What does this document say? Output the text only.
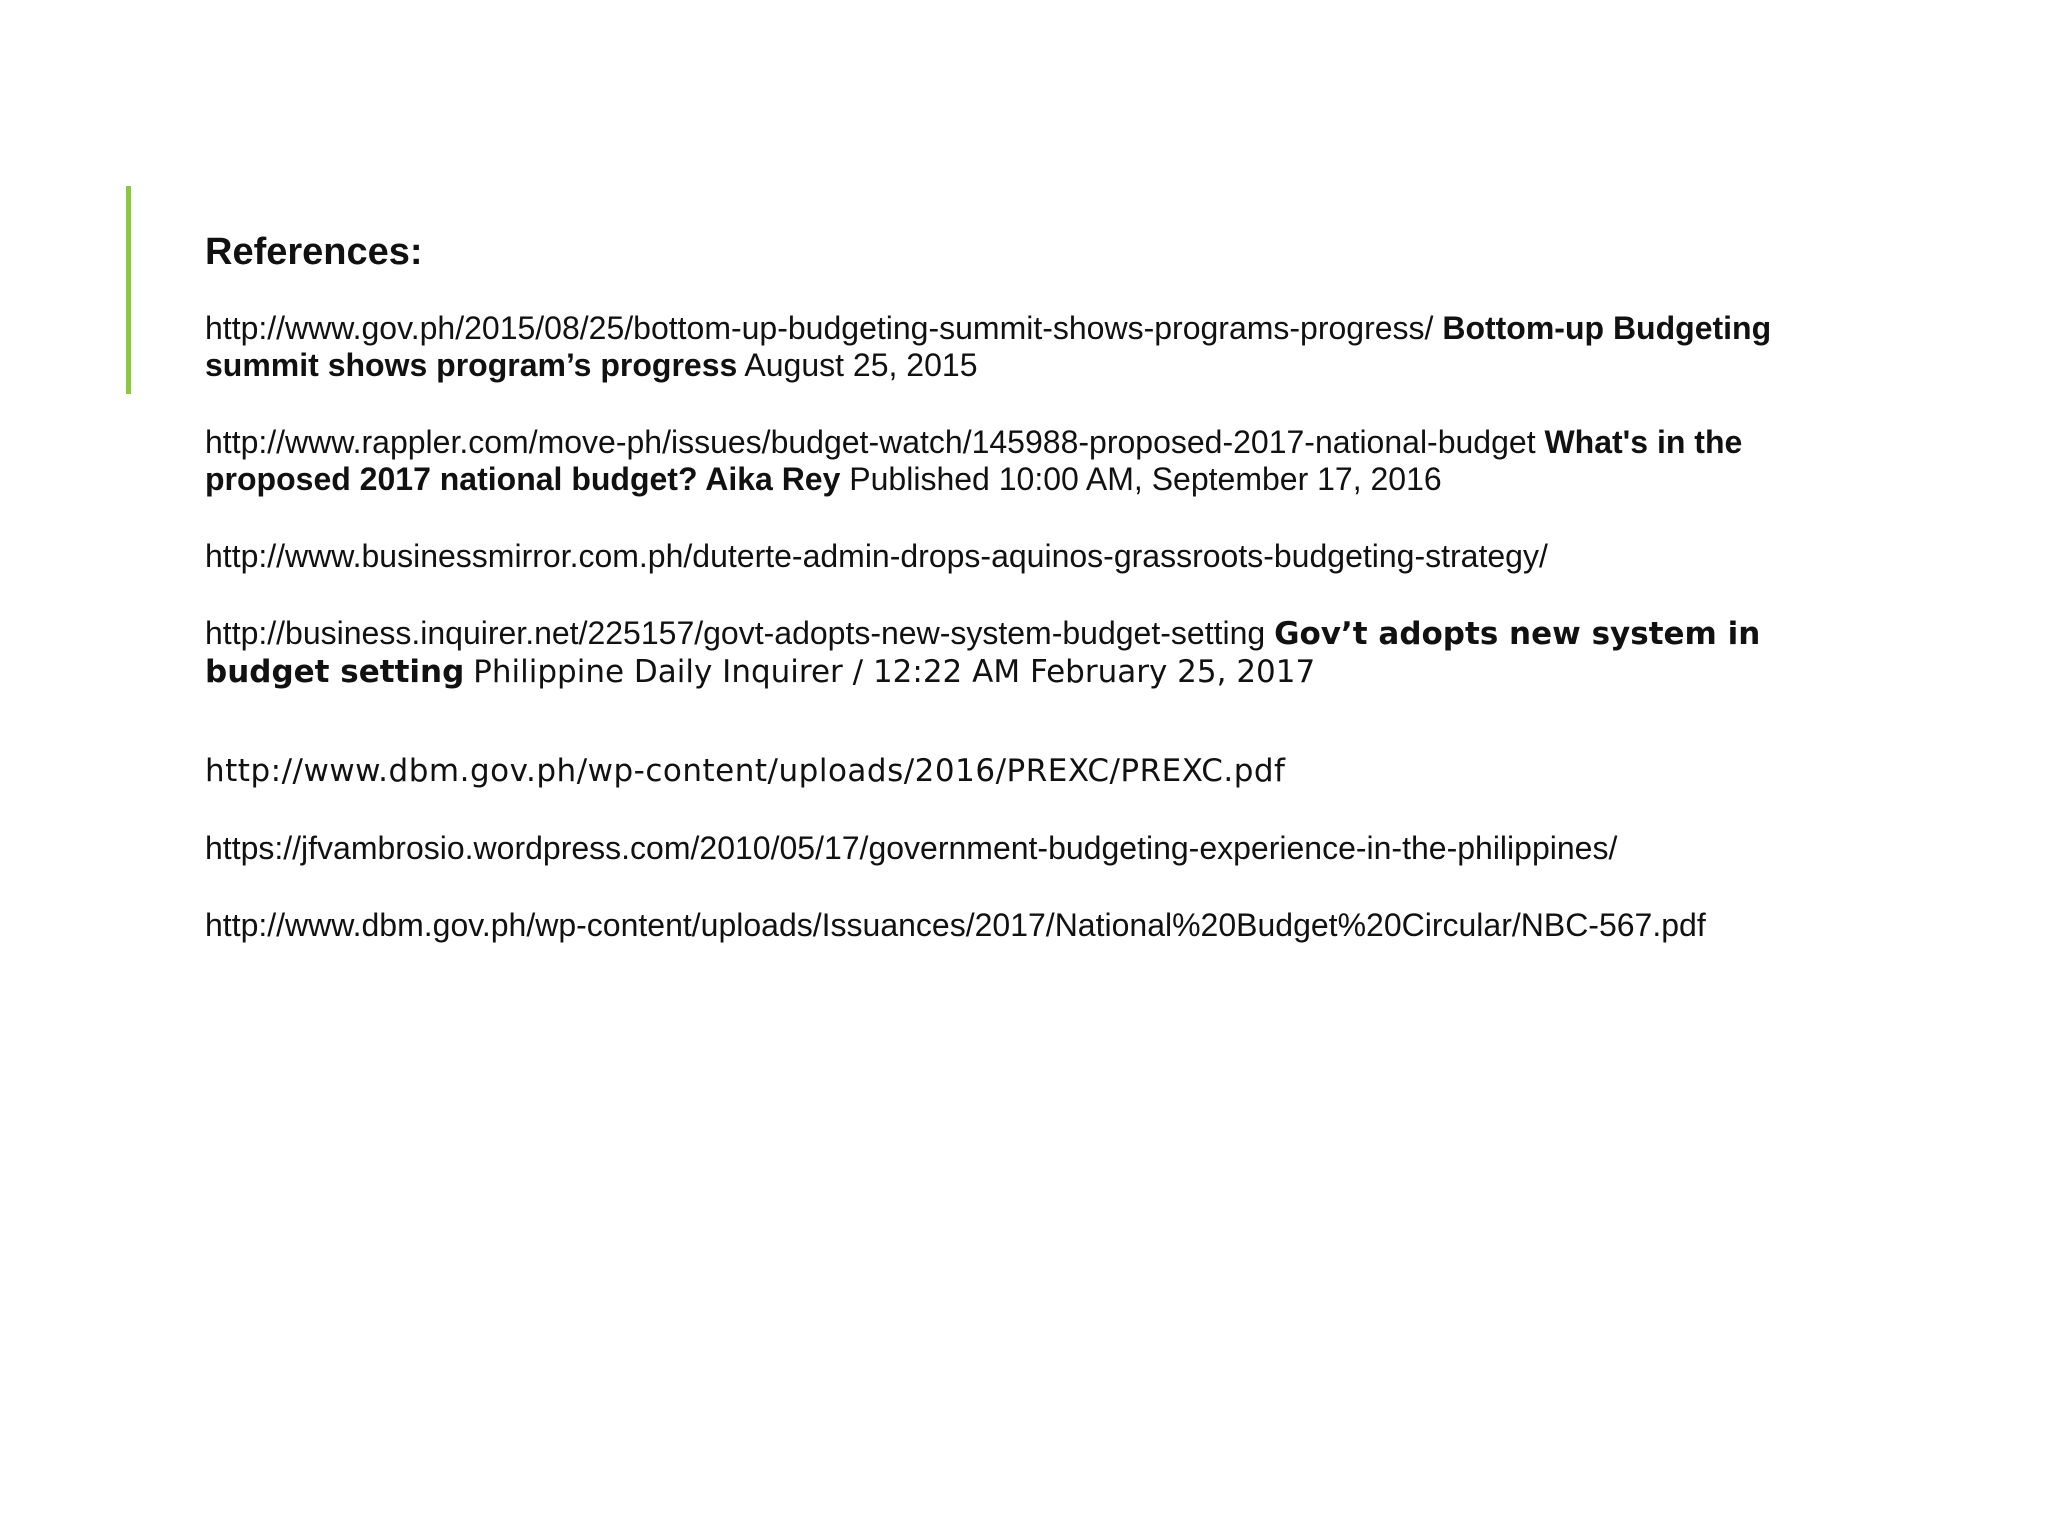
References:

http://www.gov.ph/2015/08/25/bottom-up-budgeting-summit-shows-programs-progress/ Bottom-up Budgeting summit shows program’s progress August 25, 2015

http://www.rappler.com/move-ph/issues/budget-watch/145988-proposed-2017-national-budget What's in the proposed 2017 national budget? Aika Rey Published 10:00 AM, September 17, 2016

http://www.businessmirror.com.ph/duterte-admin-drops-aquinos-grassroots-budgeting-strategy/

http://business.inquirer.net/225157/govt-adopts-new-system-budget-setting Gov’t adopts new system in budget setting Philippine Daily Inquirer / 12:22 AM February 25, 2017

http://www.dbm.gov.ph/wp-content/uploads/2016/PREXC/PREXC.pdf

https://jfvambrosio.wordpress.com/2010/05/17/government-budgeting-experience-in-the-philippines/

http://www.dbm.gov.ph/wp-content/uploads/Issuances/2017/National%20Budget%20Circular/NBC-567.pdf
